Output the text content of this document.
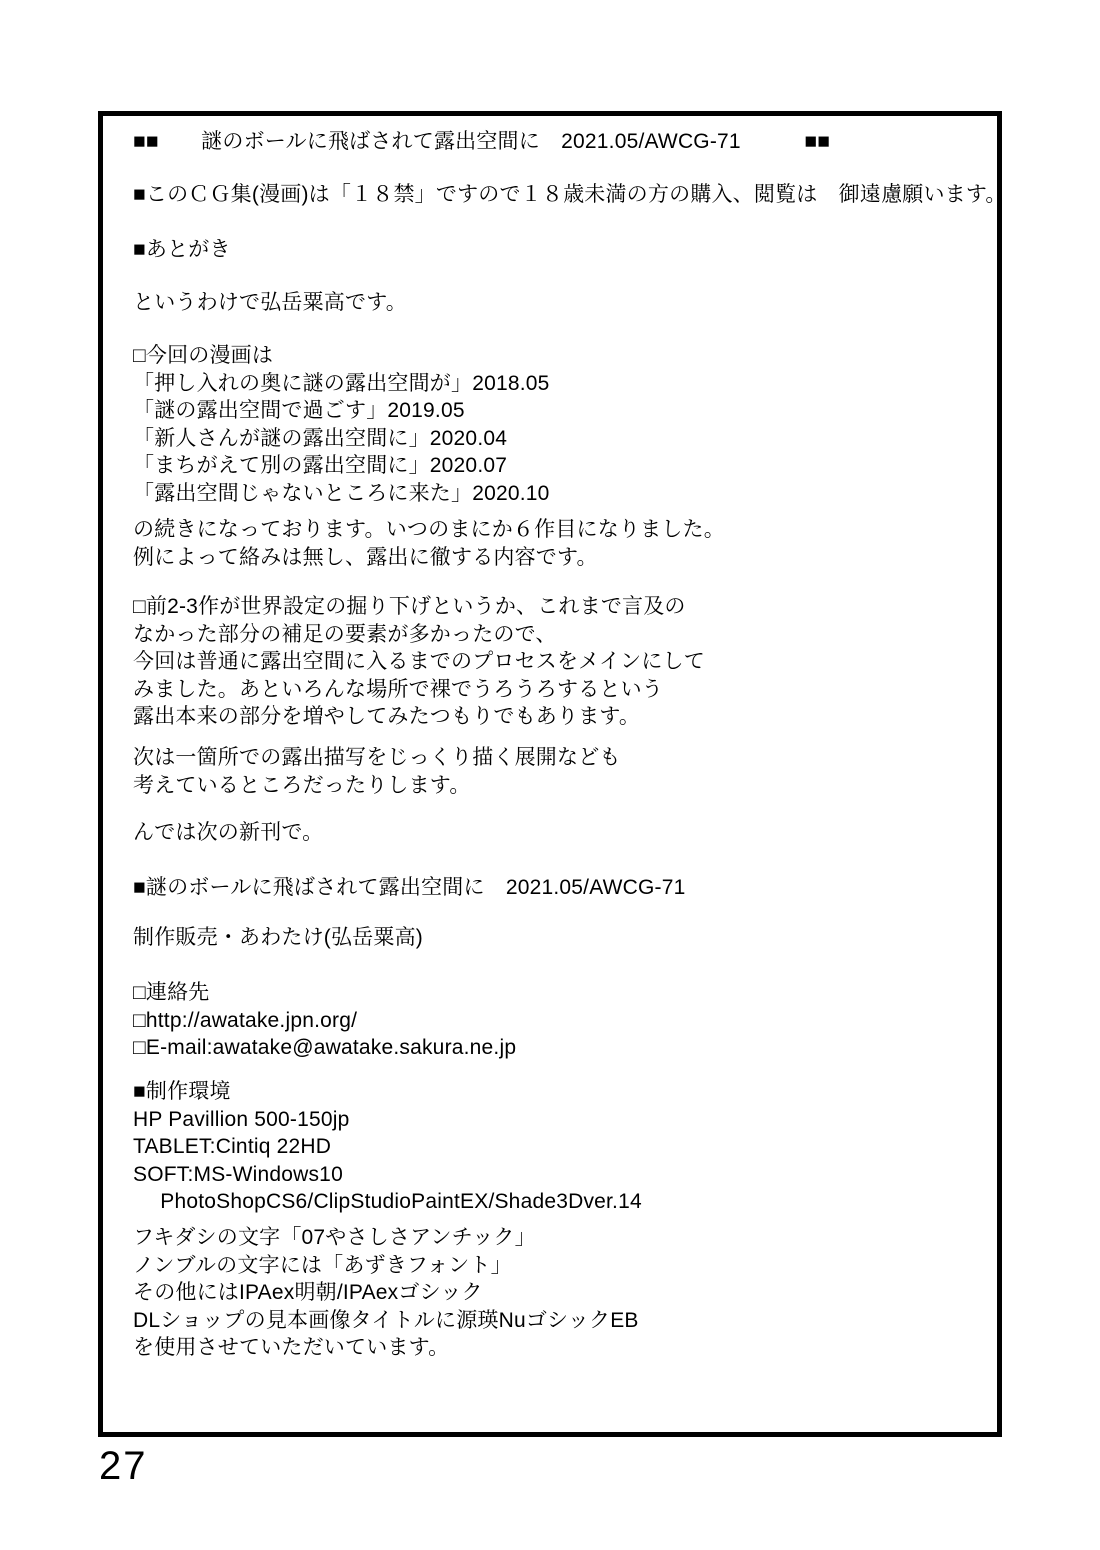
■■　　謎のボールに飛ばされて露出空間に　2021.05/AWCG-71　　　■■
■このＣＧ集(漫画)は「１８禁」ですので１８歳未満の方の購入、閲覧は　御遠慮願います。
■あとがき
というわけで弘岳粟高です。
□今回の漫画は
「押し入れの奥に謎の露出空間が」2018.05
「謎の露出空間で過ごす」2019.05
「新人さんが謎の露出空間に」2020.04
「まちがえて別の露出空間に」2020.07
「露出空間じゃないところに来た」2020.10
の続きになっております。いつのまにか６作目になりました。
例によって絡みは無し、露出に徹する内容です。
□前2-3作が世界設定の掘り下げというか、これまで言及の
なかった部分の補足の要素が多かったので、
今回は普通に露出空間に入るまでのプロセスをメインにして
みました。あといろんな場所で裸でうろうろするという
露出本来の部分を増やしてみたつもりでもあります。
次は一箇所での露出描写をじっくり描く展開なども
考えているところだったりします。
んでは次の新刊で。
■謎のボールに飛ばされて露出空間に　2021.05/AWCG-71
制作販売・あわたけ(弘岳粟高)
□連絡先
□http://awatake.jpn.org/
□E-mail:awatake@awatake.sakura.ne.jp
■制作環境
HP Pavillion 500-150jp
TABLET:Cintiq 22HD
SOFT:MS-Windows10
　 PhotoShopCS6/ClipStudioPaintEX/Shade3Dver.14
フキダシの文字「07やさしさアンチック」
ノンブルの文字には「あずきフォント」
その他にはIPAex明朝/IPAexゴシック
DLショップの見本画像タイトルに源瑛NuゴシックEB
を使用させていただいています。
27
